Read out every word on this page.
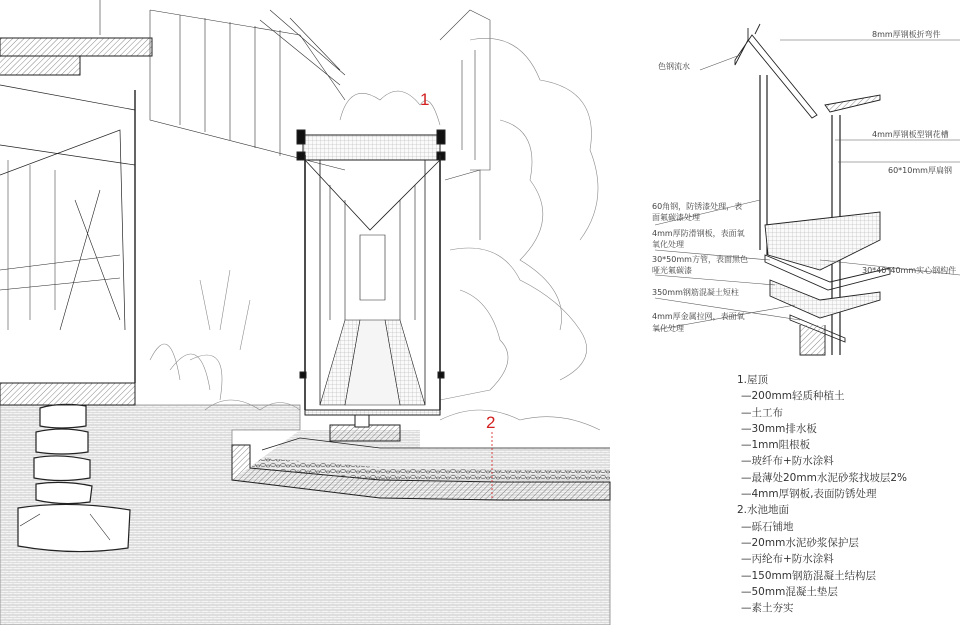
1
2
色钢流水
8mm厚钢板折弯件
4mm厚钢板型钢花槽
60*10mm厚扁钢
60角钢，防锈漆处理，表
面氟碳漆处理
4mm厚防滑钢板，表面氧
氧化处理
30*50mm方管，表面黑色
哑光氟碳漆
350mm钢筋混凝土短柱
4mm厚金属拉网，表面氧
氧化处理
30*40*40mm实心钢构件
1.屋顶
—200mm轻质种植土
—土工布
—30mm排水板
—1mm阻根板
—玻纤布+防水涂料
—最薄处20mm水泥砂浆找坡层2%
—4mm厚钢板,表面防锈处理
2.水池地面
—砾石铺地
—20mm水泥砂浆保护层
—丙纶布+防水涂料
—150mm钢筋混凝土结构层
—50mm混凝土垫层
—素土夯实
